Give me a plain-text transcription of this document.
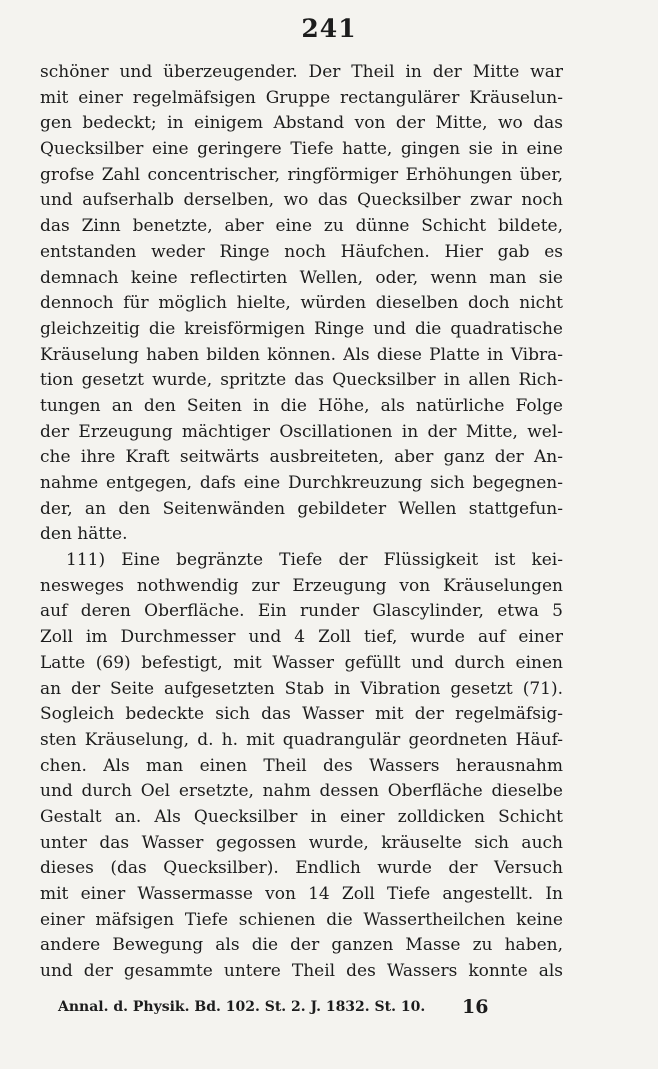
241
schöner und überzeugender. Der Theil in der Mitte war
mit einer regelmäfsigen Gruppe rectangulärer Kräuselun-
gen bedeckt; in einigem Abstand von der Mitte, wo das
Quecksilber eine geringere Tiefe hatte, gingen sie in eine
grofse Zahl concentrischer, ringförmiger Erhöhungen über,
und aufserhalb derselben, wo das Quecksilber zwar noch
das Zinn benetzte, aber eine zu dünne Schicht bildete,
entstanden weder Ringe noch Häufchen. Hier gab es
demnach keine reflectirten Wellen, oder, wenn man sie
dennoch für möglich hielte, würden dieselben doch nicht
gleichzeitig die kreisförmigen Ringe und die quadratische
Kräuselung haben bilden können. Als diese Platte in Vibra-
tion gesetzt wurde, spritzte das Quecksilber in allen Rich-
tungen an den Seiten in die Höhe, als natürliche Folge
der Erzeugung mächtiger Oscillationen in der Mitte, wel-
che ihre Kraft seitwärts ausbreiteten, aber ganz der An-
nahme entgegen, dafs eine Durchkreuzung sich begegnen-
der, an den Seitenwänden gebildeter Wellen stattgefun-
den hätte.
111) Eine begränzte Tiefe der Flüssigkeit ist kei-
nesweges nothwendig zur Erzeugung von Kräuselungen
auf deren Oberfläche. Ein runder Glascylinder, etwa 5
Zoll im Durchmesser und 4 Zoll tief, wurde auf einer
Latte (69) befestigt, mit Wasser gefüllt und durch einen
an der Seite aufgesetzten Stab in Vibration gesetzt (71).
Sogleich bedeckte sich das Wasser mit der regelmäfsig-
sten Kräuselung, d. h. mit quadrangulär geordneten Häuf-
chen. Als man einen Theil des Wassers herausnahm
und durch Oel ersetzte, nahm dessen Oberfläche dieselbe
Gestalt an. Als Quecksilber in einer zolldicken Schicht
unter das Wasser gegossen wurde, kräuselte sich auch
dieses (das Quecksilber). Endlich wurde der Versuch
mit einer Wassermasse von 14 Zoll Tiefe angestellt. In
einer mäfsigen Tiefe schienen die Wassertheilchen keine
andere Bewegung als die der ganzen Masse zu haben,
und der gesammte untere Theil des Wassers konnte als
Annal. d. Physik. Bd. 102. St. 2. J. 1832. St. 10. 16
